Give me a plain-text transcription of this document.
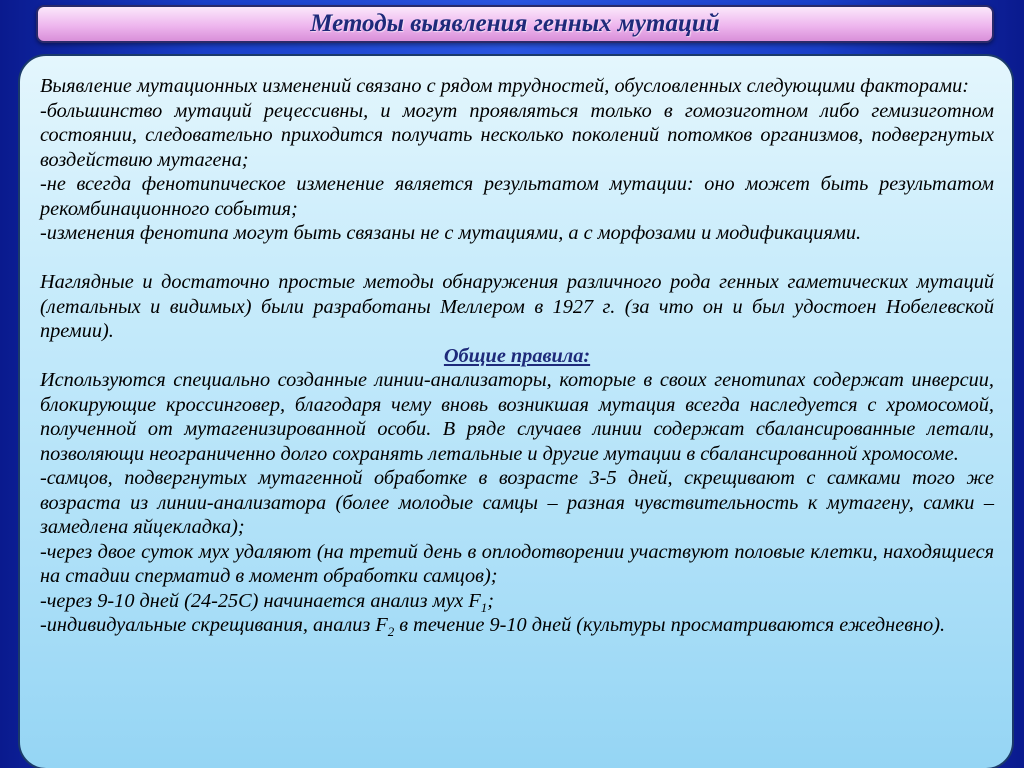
Методы выявления генных мутаций

Выявление мутационных изменений связано с рядом трудностей, обусловленных следующими факторами:

-большинство мутаций рецессивны, и могут проявляться только в гомозиготном либо гемизиготном состоянии, следовательно приходится получать несколько поколений потомков организмов, подвергнутых воздействию мутагена;

-не всегда фенотипическое изменение является результатом мутации: оно может быть результатом рекомбинационного события;

-изменения фенотипа могут быть связаны не с мутациями, а с морфозами и модификациями.

Наглядные и достаточно простые методы обнаружения различного рода генных гаметических мутаций (летальных и видимых) были разработаны Меллером в 1927 г. (за что он и был удостоен Нобелевской премии).

Общие правила:

Используются специально созданные линии-анализаторы, которые в своих генотипах содержат инверсии, блокирующие кроссинговер, благодаря чему вновь возникшая мутация всегда наследуется с хромосомой, полученной от мутагенизированной особи. В ряде случаев линии содержат сбалансированные летали, позволяющи неограниченно долго сохранять летальные и другие мутации в сбалансированной хромосоме.

-самцов, подвергнутых мутагенной обработке в возрасте 3-5 дней, скрещивают с самками того же возраста из линии-анализатора (более молодые самцы – разная чувствительность к мутагену, самки – замедлена яйцекладка);

-через двое суток мух удаляют (на третий день в оплодотворении участвуют половые клетки, находящиеся на стадии спермати​д в момент обработки самцов);

-через 9-10 дней (24-25С) начинается анализ мух $F_1$;

-индивидуальные скрещивания, анализ $F_2$ в течение 9-10 дней (культуры просматриваются ежедневно).
